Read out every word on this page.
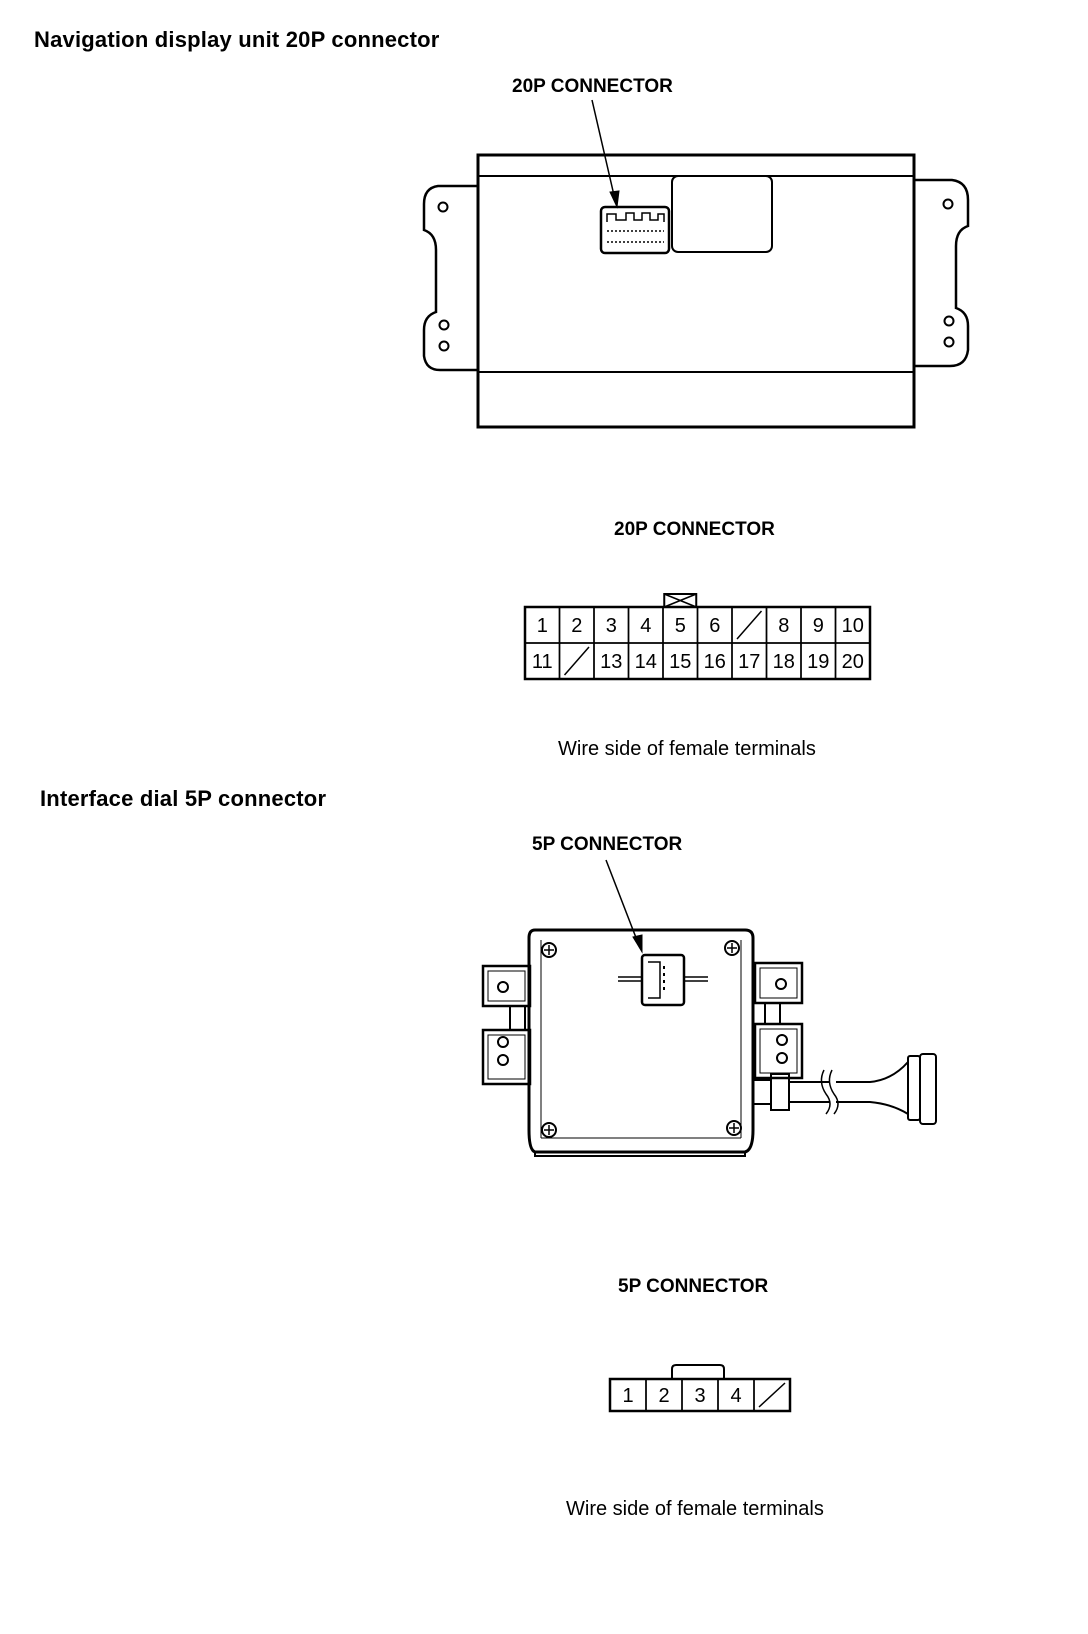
Navigation display unit 20P connector
20P CONNECTOR
20P CONNECTOR
Wire side of female terminals
Interface dial 5P connector
5P CONNECTOR
5P CONNECTOR
Wire side of female terminals
1 2 3 4 5 6	8 9 10
11 13 14 15 16 17 18 19 20
1 2 3 4
